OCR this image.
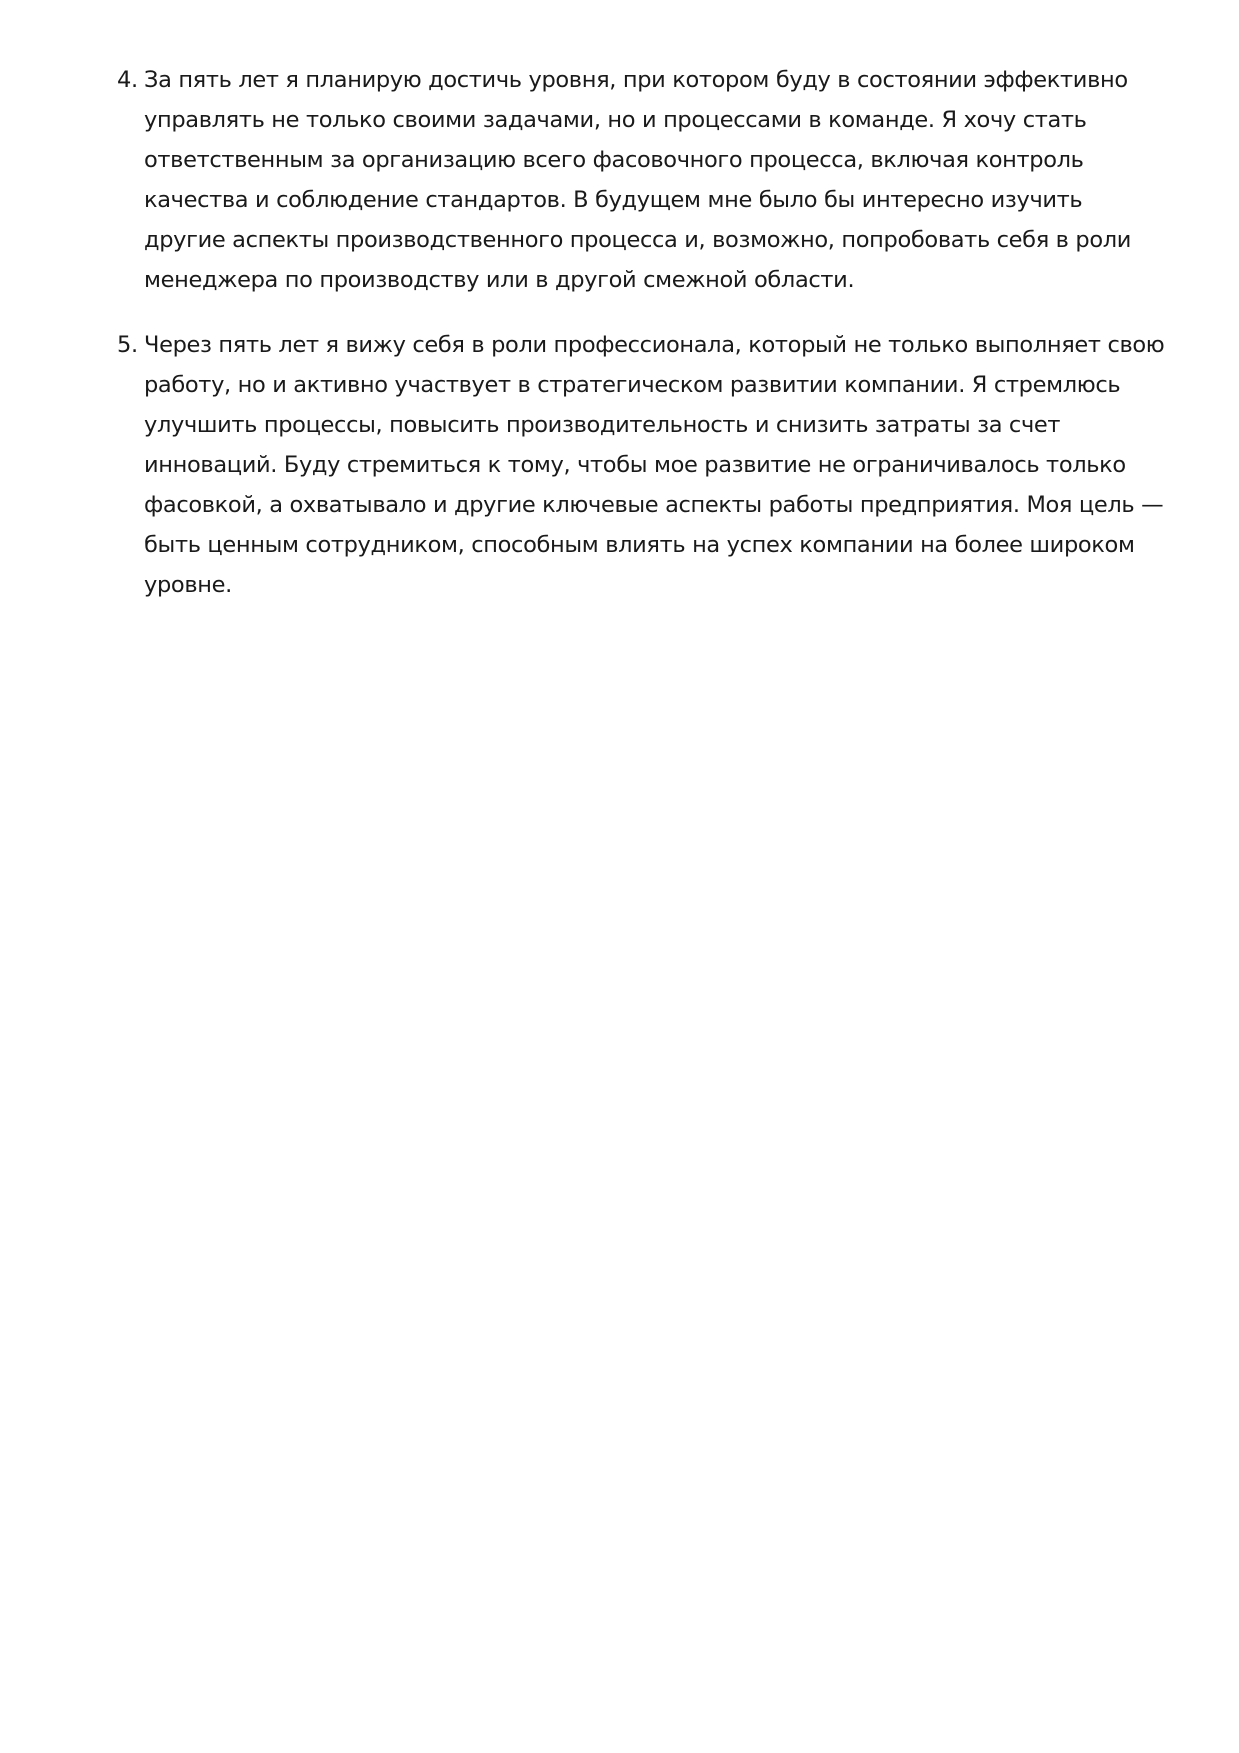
4. За пять лет я планирую достичь уровня, при котором буду в состоянии эффективно управлять не только своими задачами, но и процессами в команде. Я хочу стать ответственным за организацию всего фасовочного процесса, включая контроль качества и соблюдение стандартов. В будущем мне было бы интересно изучить другие аспекты производственного процесса и, возможно, попробовать себя в роли менеджера по производству или в другой смежной области.
5. Через пять лет я вижу себя в роли профессионала, который не только выполняет свою работу, но и активно участвует в стратегическом развитии компании. Я стремлюсь улучшить процессы, повысить производительность и снизить затраты за счет инноваций. Буду стремиться к тому, чтобы мое развитие не ограничивалось только фасовкой, а охватывало и другие ключевые аспекты работы предприятия. Моя цель — быть ценным сотрудником, способным влиять на успех компании на более широком уровне.
